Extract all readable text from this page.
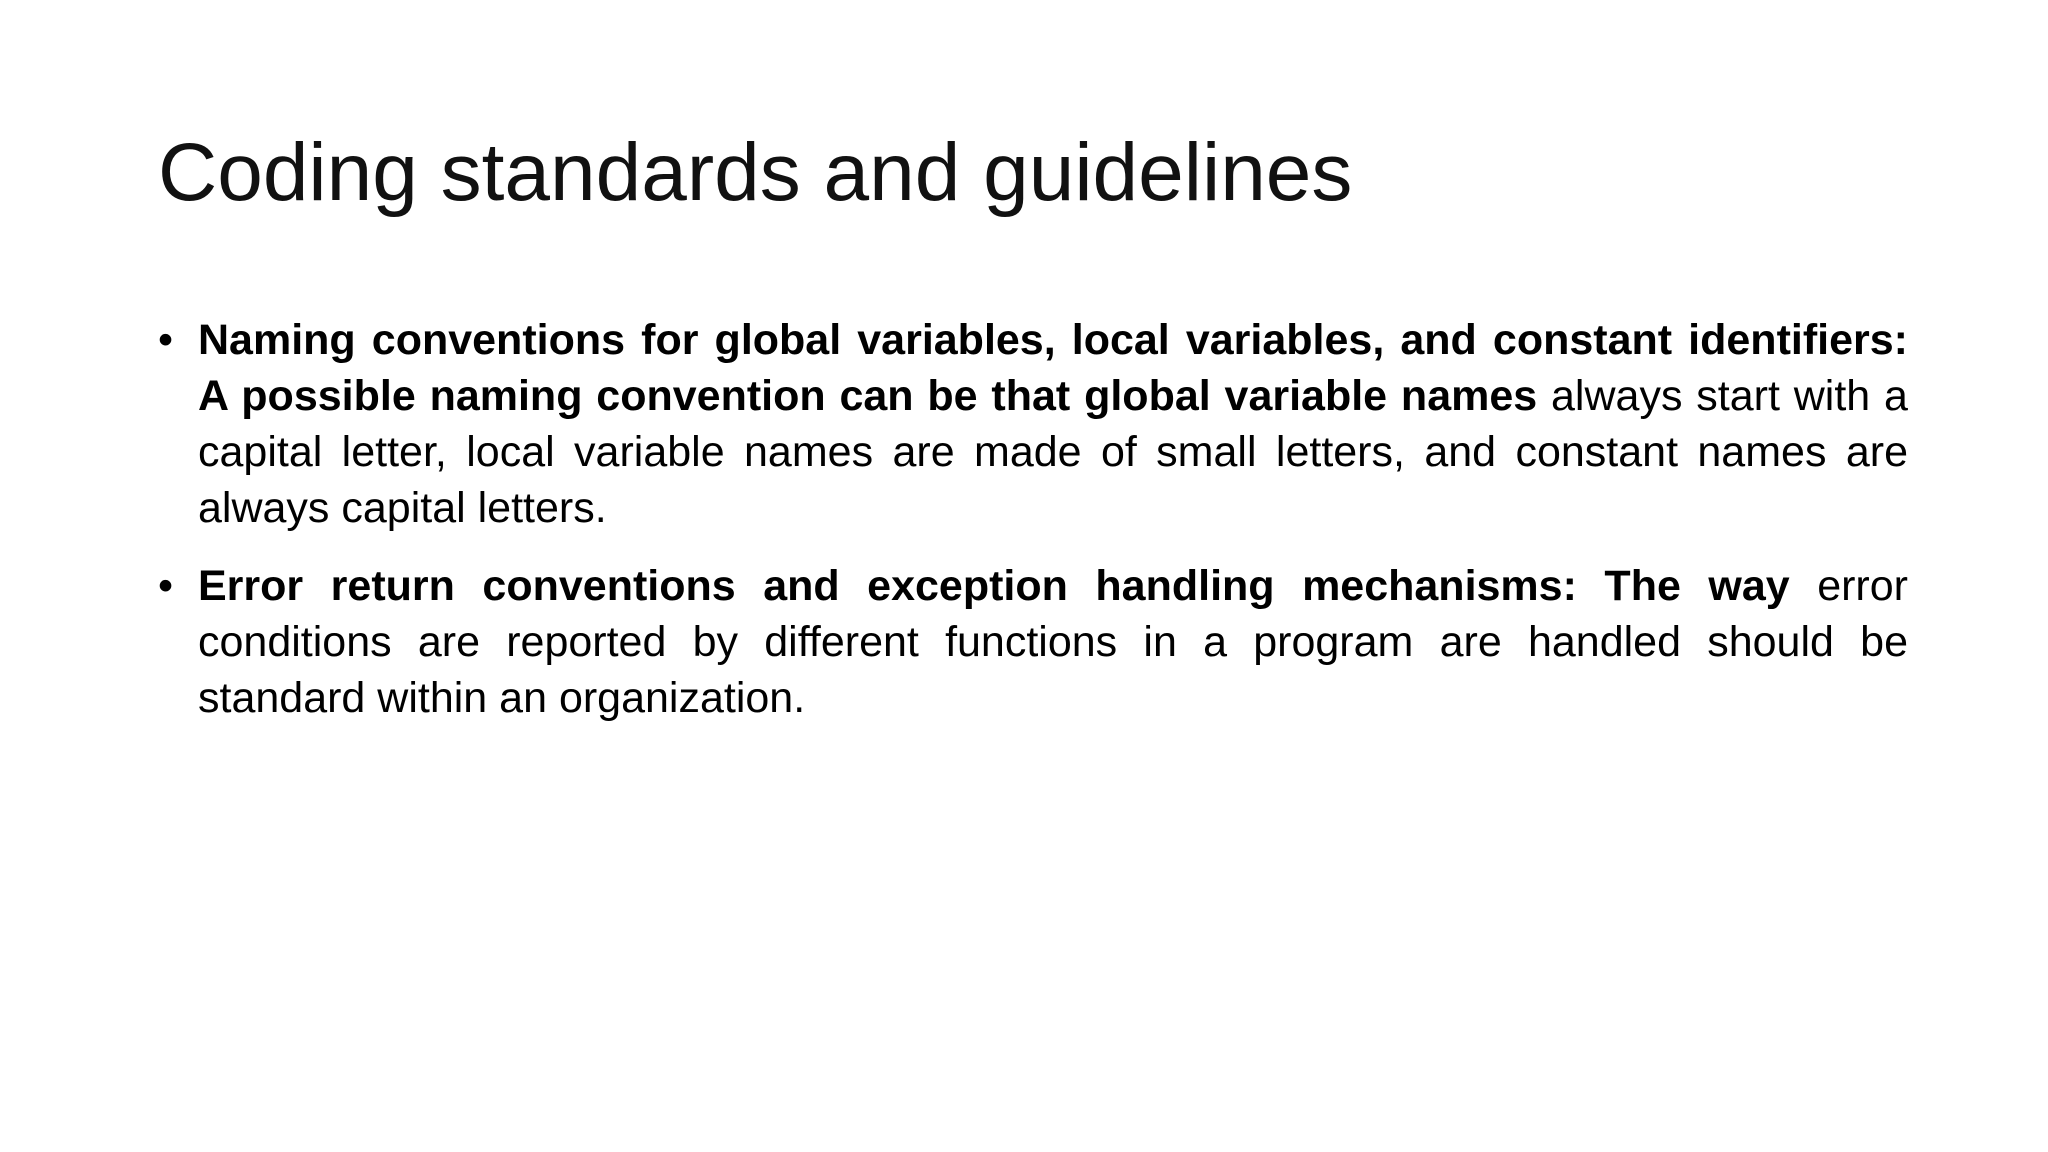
Coding standards and guidelines
• Naming conventions for global variables, local variables, and constant identifiers: A possible naming convention can be that global variable names always start with a capital letter, local variable names are made of small letters, and constant names are always capital letters.
• Error return conventions and exception handling mechanisms: The way error conditions are reported by different functions in a program are handled should be standard within an organization.
